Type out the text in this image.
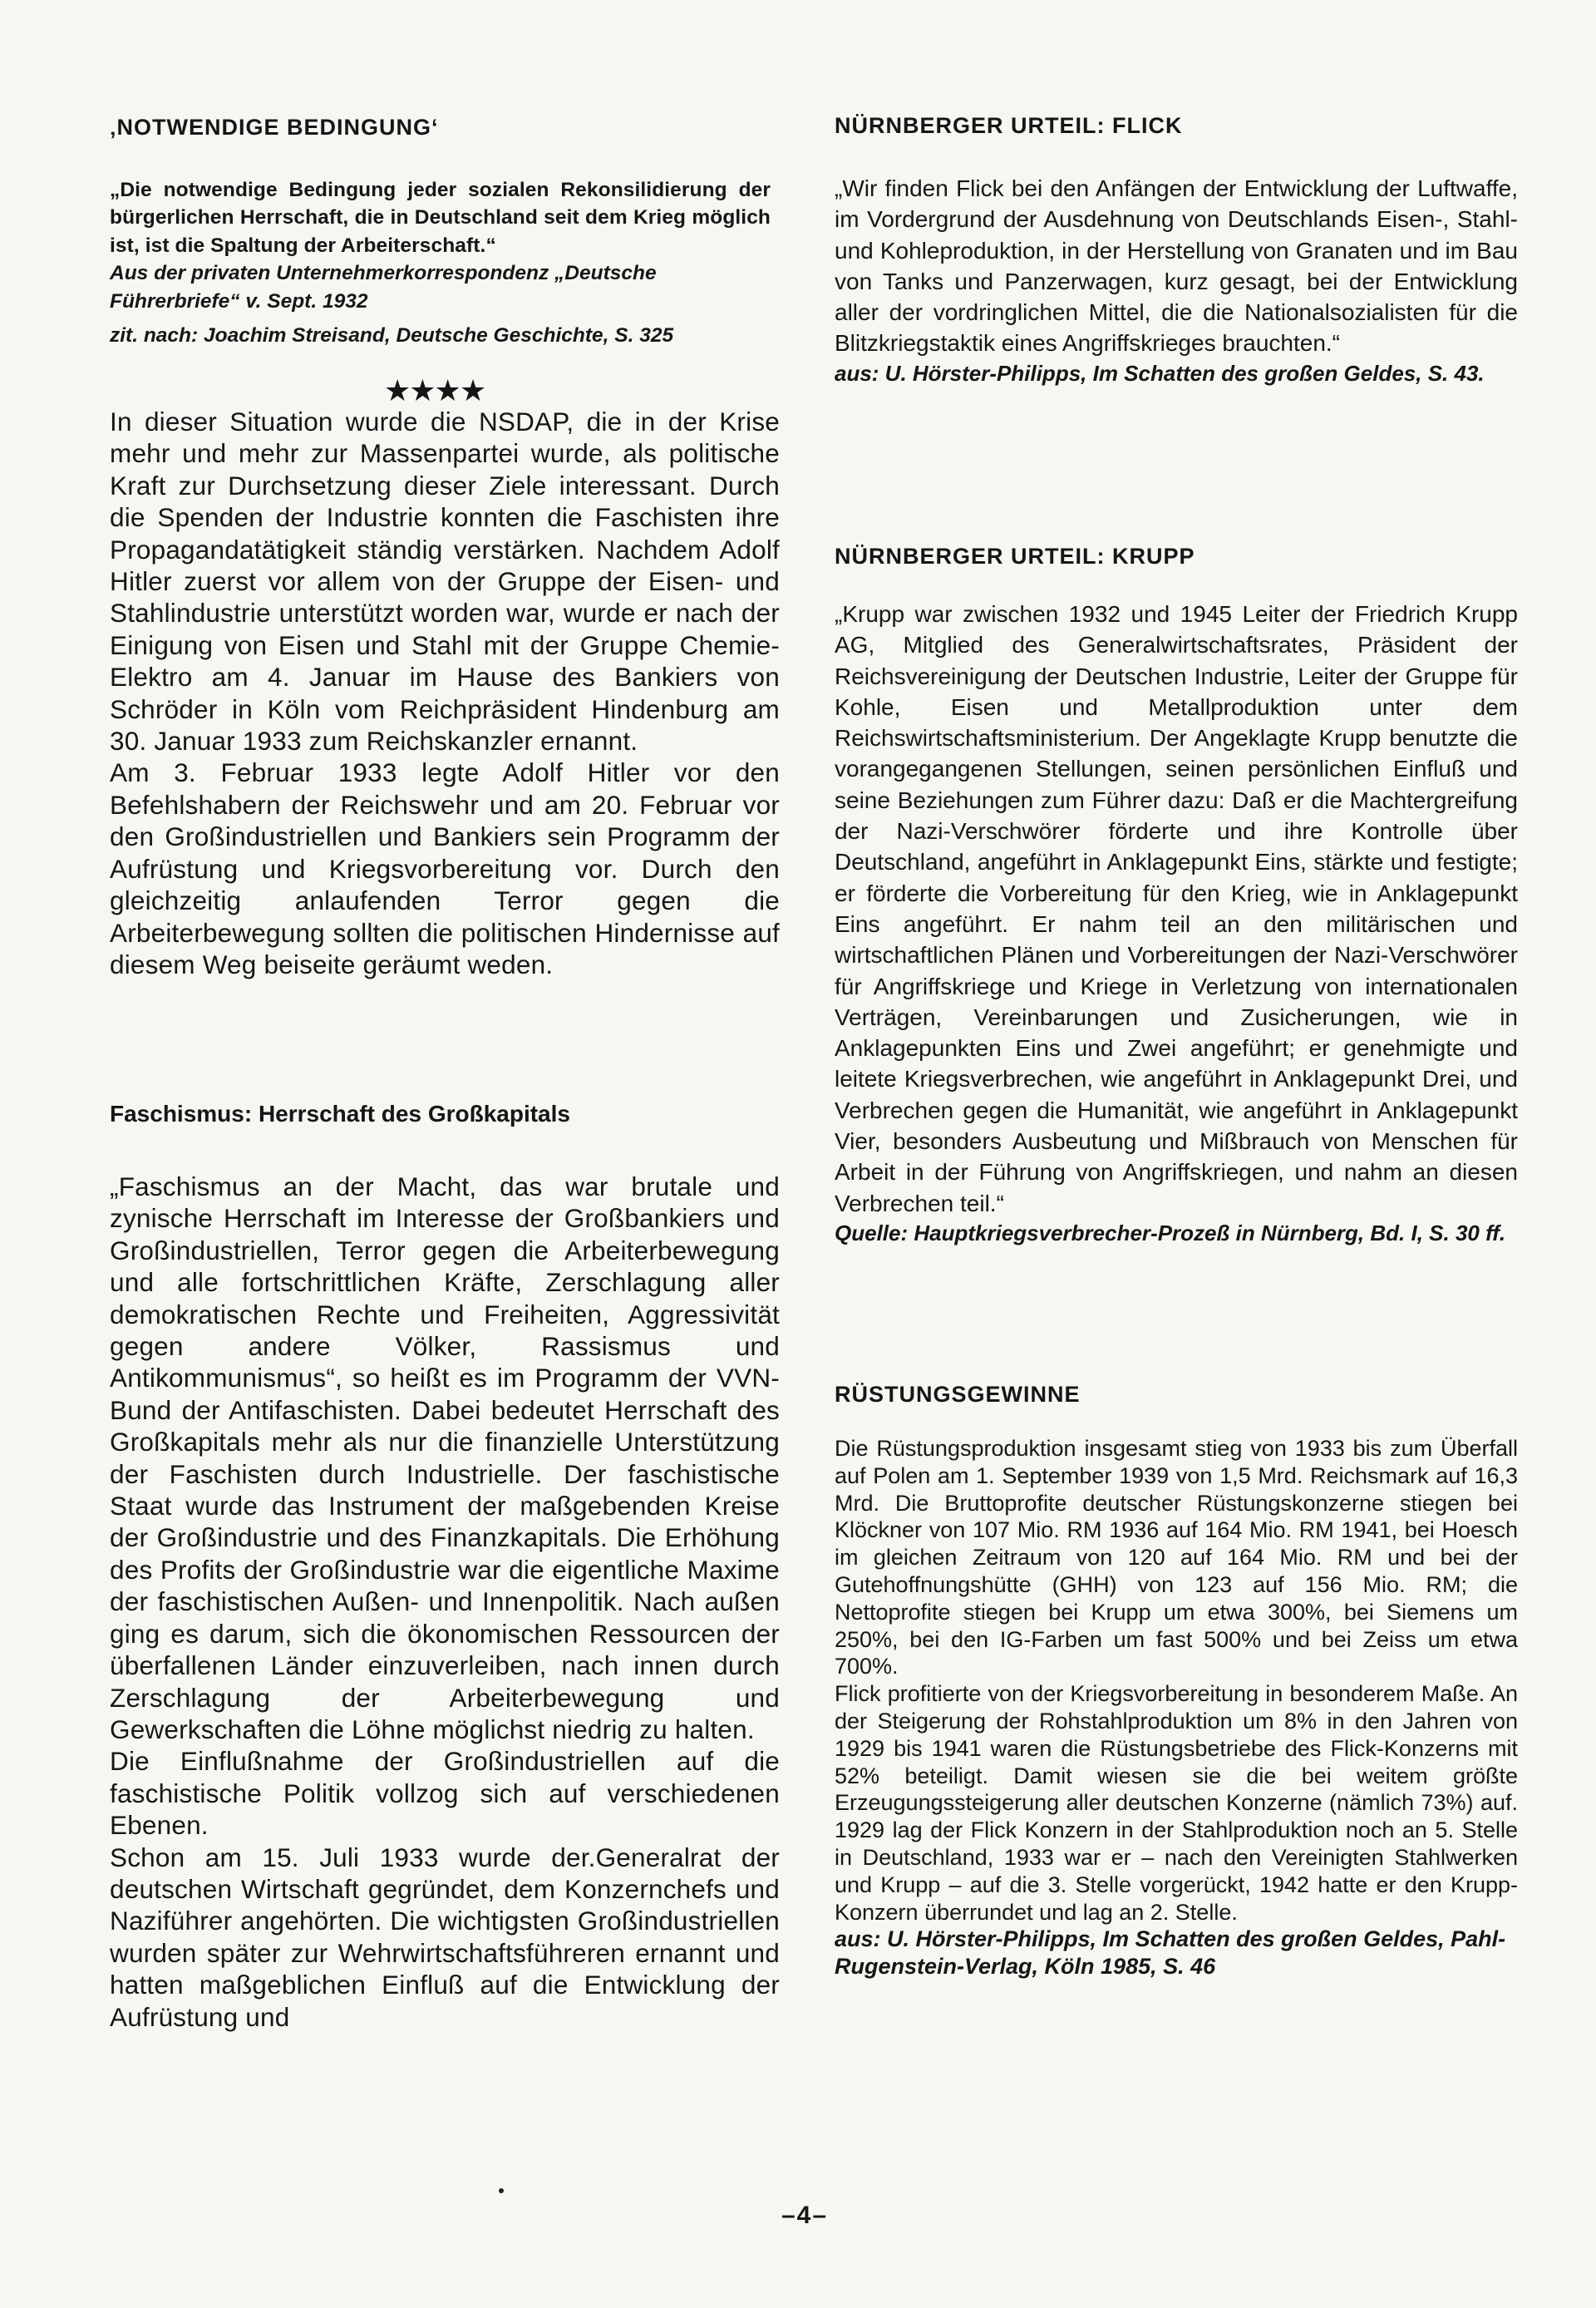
‚NOTWENDIGE BEDINGUNG‘

„Die notwendige Bedingung jeder sozialen Rekonsilidierung der bürgerlichen Herrschaft, die in Deutschland seit dem Krieg möglich ist, ist die Spaltung der Arbeiterschaft.“

Aus der privaten Unternehmerkorrespondenz „Deutsche Führerbriefe“ v. Sept. 1932

zit. nach: Joachim Streisand, Deutsche Geschichte, S. 325

★★★★

In dieser Situation wurde die NSDAP, die in der Krise mehr und mehr zur Massenpartei wurde, als politische Kraft zur Durchsetzung dieser Ziele interessant. Durch die Spenden der Industrie konnten die Faschisten ihre Propagandatätigkeit ständig verstärken. Nachdem Adolf Hitler zuerst vor allem von der Gruppe der Eisen- und Stahlindustrie unterstützt worden war, wurde er nach der Einigung von Eisen und Stahl mit der Gruppe Chemie-Elektro am 4. Januar im Hause des Bankiers von Schröder in Köln vom Reichpräsident Hindenburg am 30. Januar 1933 zum Reichskanzler ernannt.

Am 3. Februar 1933 legte Adolf Hitler vor den Befehlshabern der Reichswehr und am 20. Februar vor den Großindustriellen und Bankiers sein Programm der Aufrüstung und Kriegsvorbereitung vor. Durch den gleichzeitig anlaufenden Terror gegen die Arbeiterbewegung sollten die politischen Hindernisse auf diesem Weg beiseite geräumt weden.

Faschismus: Herrschaft des Großkapitals

„Faschismus an der Macht, das war brutale und zynische Herrschaft im Interesse der Großbankiers und Großindustriellen, Terror gegen die Arbeiterbewegung und alle fortschrittlichen Kräfte, Zerschlagung aller demokratischen Rechte und Freiheiten, Aggressivität gegen andere Völker, Rassismus und Antikommunismus“, so heißt es im Programm der VVN-Bund der Antifaschisten. Dabei bedeutet Herrschaft des Großkapitals mehr als nur die finanzielle Unterstützung der Faschisten durch Industrielle. Der faschistische Staat wurde das Instrument der maßgebenden Kreise der Großindustrie und des Finanzkapitals. Die Erhöhung des Profits der Großindustrie war die eigentliche Maxime der faschistischen Außen- und Innenpolitik. Nach außen ging es darum, sich die ökonomischen Ressourcen der überfallenen Länder einzuverleiben, nach innen durch Zerschlagung der Arbeiterbewegung und Gewerkschaften die Löhne möglichst niedrig zu halten.

Die Einflußnahme der Großindustriellen auf die faschistische Politik vollzog sich auf verschiedenen Ebenen.

Schon am 15. Juli 1933 wurde der.Generalrat der deutschen Wirtschaft gegründet, dem Konzernchefs und Naziführer angehörten. Die wichtigsten Großindustriellen wurden später zur Wehrwirtschaftsführeren ernannt und hatten maßgeblichen Einfluß auf die Entwicklung der Aufrüstung und

NÜRNBERGER URTEIL: FLICK

„Wir finden Flick bei den Anfängen der Entwicklung der Luftwaffe, im Vordergrund der Ausdehnung von Deutschlands Eisen-, Stahl- und Kohleproduktion, in der Herstellung von Granaten und im Bau von Tanks und Panzerwagen, kurz gesagt, bei der Entwicklung aller der vordringlichen Mittel, die die Nationalsozialisten für die Blitzkriegstaktik eines Angriffskrieges brauchten.“

aus: U. Hörster-Philipps, Im Schatten des großen Geldes, S. 43.

NÜRNBERGER URTEIL: KRUPP

„Krupp war zwischen 1932 und 1945 Leiter der Friedrich Krupp AG, Mitglied des Generalwirtschaftsrates, Präsident der Reichsvereinigung der Deutschen Industrie, Leiter der Gruppe für Kohle, Eisen und Metallproduktion unter dem Reichswirtschaftsministerium. Der Angeklagte Krupp benutzte die vorangegangenen Stellungen, seinen persönlichen Einfluß und seine Beziehungen zum Führer dazu: Daß er die Machtergreifung der Nazi-Verschwörer förderte und ihre Kontrolle über Deutschland, angeführt in Anklagepunkt Eins, stärkte und festigte; er förderte die Vorbereitung für den Krieg, wie in Anklagepunkt Eins angeführt. Er nahm teil an den militärischen und wirtschaftlichen Plänen und Vorbereitungen der Nazi-Verschwörer für Angriffskriege und Kriege in Verletzung von internationalen Verträgen, Vereinbarungen und Zusicherungen, wie in Anklagepunkten Eins und Zwei angeführt; er genehmigte und leitete Kriegsverbrechen, wie angeführt in Anklagepunkt Drei, und Verbrechen gegen die Humanität, wie angeführt in Anklagepunkt Vier, besonders Ausbeutung und Mißbrauch von Menschen für Arbeit in der Führung von Angriffskriegen, und nahm an diesen Verbrechen teil.“

Quelle: Hauptkriegsverbrecher-Prozeß in Nürnberg, Bd. I, S. 30 ff.

RÜSTUNGSGEWINNE

Die Rüstungsproduktion insgesamt stieg von 1933 bis zum Überfall auf Polen am 1. September 1939 von 1,5 Mrd. Reichsmark auf 16,3 Mrd. Die Bruttoprofite deutscher Rüstungskonzerne stiegen bei Klöckner von 107 Mio. RM 1936 auf 164 Mio. RM 1941, bei Hoesch im gleichen Zeitraum von 120 auf 164 Mio. RM und bei der Gutehoffnungshütte (GHH) von 123 auf 156 Mio. RM; die Nettoprofite stiegen bei Krupp um etwa 300%, bei Siemens um 250%, bei den IG-Farben um fast 500% und bei Zeiss um etwa 700%.

Flick profitierte von der Kriegsvorbereitung in besonderem Maße. An der Steigerung der Rohstahlproduktion um 8% in den Jahren von 1929 bis 1941 waren die Rüstungsbetriebe des Flick-Konzerns mit 52% beteiligt. Damit wiesen sie die bei weitem größte Erzeugungssteigerung aller deutschen Konzerne (nämlich 73%) auf. 1929 lag der Flick Konzern in der Stahlproduktion noch an 5. Stelle in Deutschland, 1933 war er – nach den Vereinigten Stahlwerken und Krupp – auf die 3. Stelle vorgerückt, 1942 hatte er den Krupp-Konzern überrundet und lag an 2. Stelle.

aus: U. Hörster-Philipps, Im Schatten des großen Geldes, Pahl-Rugenstein-Verlag, Köln 1985, S. 46

–4–
